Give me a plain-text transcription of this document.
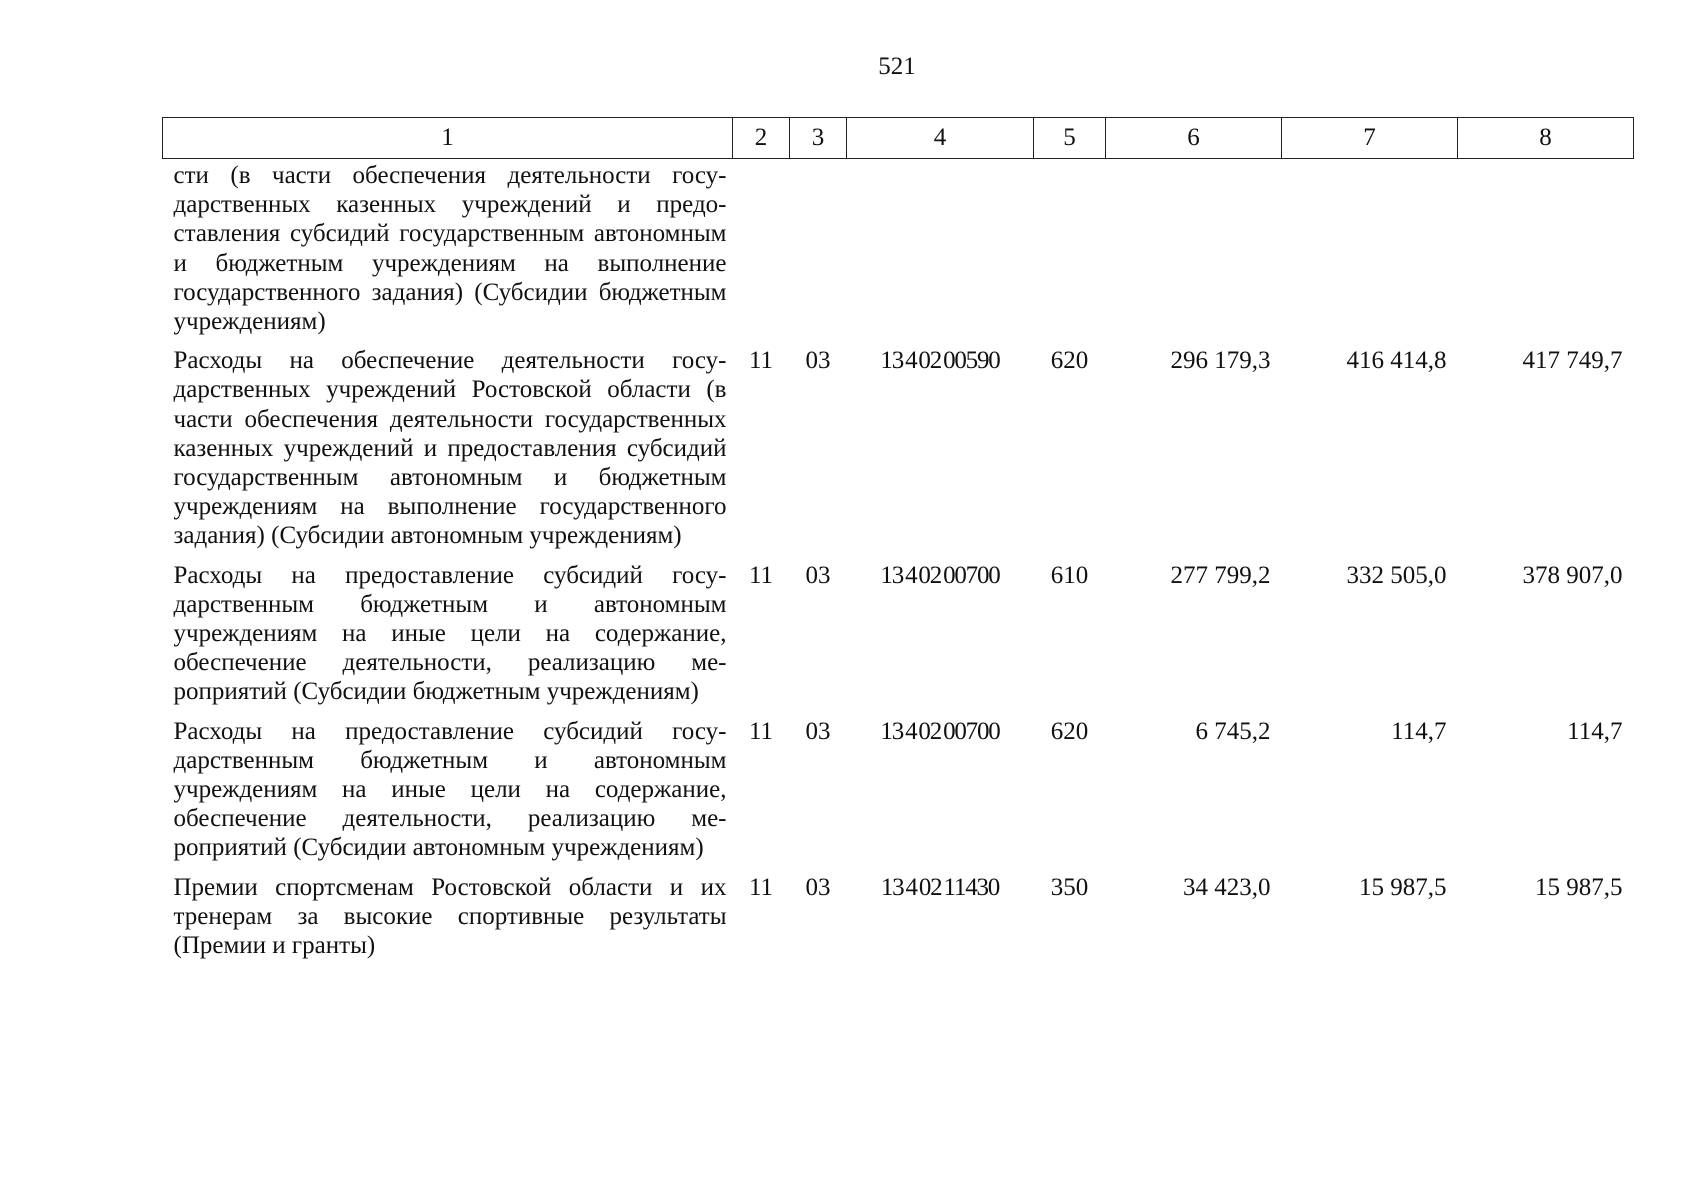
521
1	2	3	4	5	6	7	8
сти (в части обеспечения деятельности государственных казенных учреждений и предоставления субсидий государственным автономным и бюджетным учреждениям на выполнение государственного задания) (Субсидии бюджетным учреждениям)							
Расходы на обеспечение деятельности государственных учреждений Ростовской области (в части обеспечения деятельности государственных казенных учреждений и предоставления субсидий государственным автономным и бюджетным учреждениям на выполнение государственного задания) (Субсидии автономным учреждениям)	11	03	13 4 02 00590	620	296 179,3	416 414,8	417 749,7
Расходы на предоставление субсидий государственным бюджетным и автономным учреждениям на иные цели на содержание, обеспечение деятельности, реализацию мероприятий (Субсидии бюджетным учреждениям)	11	03	13 4 02 00700	610	277 799,2	332 505,0	378 907,0
Расходы на предоставление субсидий государственным бюджетным и автономным учреждениям на иные цели на содержание, обеспечение деятельности, реализацию мероприятий (Субсидии автономным учреждениям)	11	03	13 4 02 00700	620	6 745,2	114,7	114,7
Премии спортсменам Ростовской области и их тренерам за высокие спортивные результаты (Премии и гранты)	11	03	13 4 02 11430	350	34 423,0	15 987,5	15 987,5
